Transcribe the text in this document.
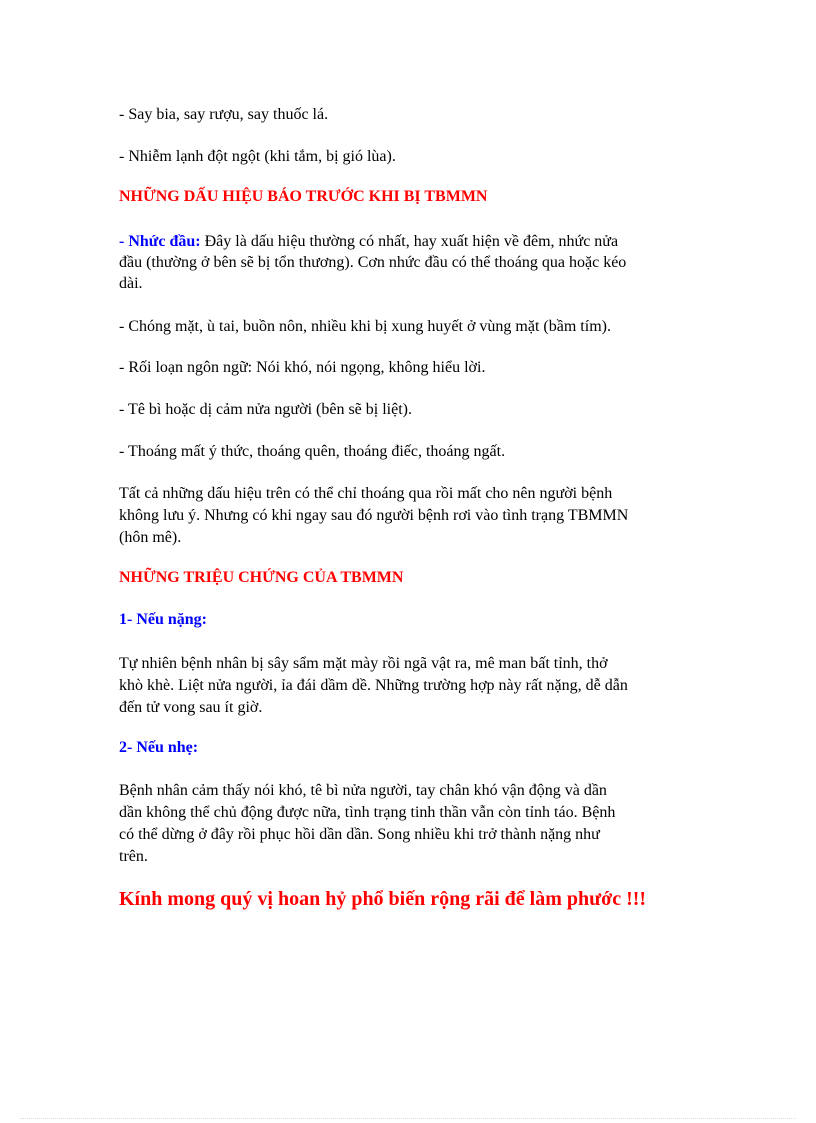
- Say bia, say rượu, say thuốc lá.
- Nhiễm lạnh đột ngột (khi tắm, bị gió lùa).
NHỮNG DẤU HIỆU BÁO TRƯỚC KHI BỊ TBMMN
- Nhức đầu: Đây là dấu hiệu thường có nhất, hay xuất hiện về đêm, nhức nửa
đầu (thường ở bên sẽ bị tổn thương). Cơn nhức đầu có thể thoáng qua hoặc kéo
dài.
- Chóng mặt, ù tai, buồn nôn, nhiều khi bị xung huyết ở vùng mặt (bầm tím).
- Rối loạn ngôn ngữ: Nói khó, nói ngọng, không hiểu lời.
- Tê bì hoặc dị cảm nửa người (bên sẽ bị liệt).
- Thoáng mất ý thức, thoáng quên, thoáng điếc, thoáng ngất.
Tất cả những dấu hiệu trên có thể chỉ thoáng qua rồi mất cho nên người bệnh
không lưu ý. Nhưng có khi ngay sau đó người bệnh rơi vào tình trạng TBMMN
(hôn mê).
NHỮNG TRIỆU CHỨNG CỦA TBMMN
1- Nếu nặng:
Tự nhiên bệnh nhân bị sây sẩm mặt mày rồi ngã vật ra, mê man bất tỉnh, thở
khò khè. Liệt nửa người, ỉa đái dầm dề. Những trường hợp này rất nặng, dễ dẫn
đến tử vong sau ít giờ.
2- Nếu nhẹ:
Bệnh nhân cảm thấy nói khó, tê bì nửa người, tay chân khó vận động và dần
dần không thể chủ động được nữa, tình trạng tinh thần vẫn còn tỉnh táo. Bệnh
có thể dừng ở đây rồi phục hồi dần dần. Song nhiều khi trở thành nặng như
trên.
Kính mong quý vị hoan hỷ phổ biến rộng rãi để làm phước !!!
